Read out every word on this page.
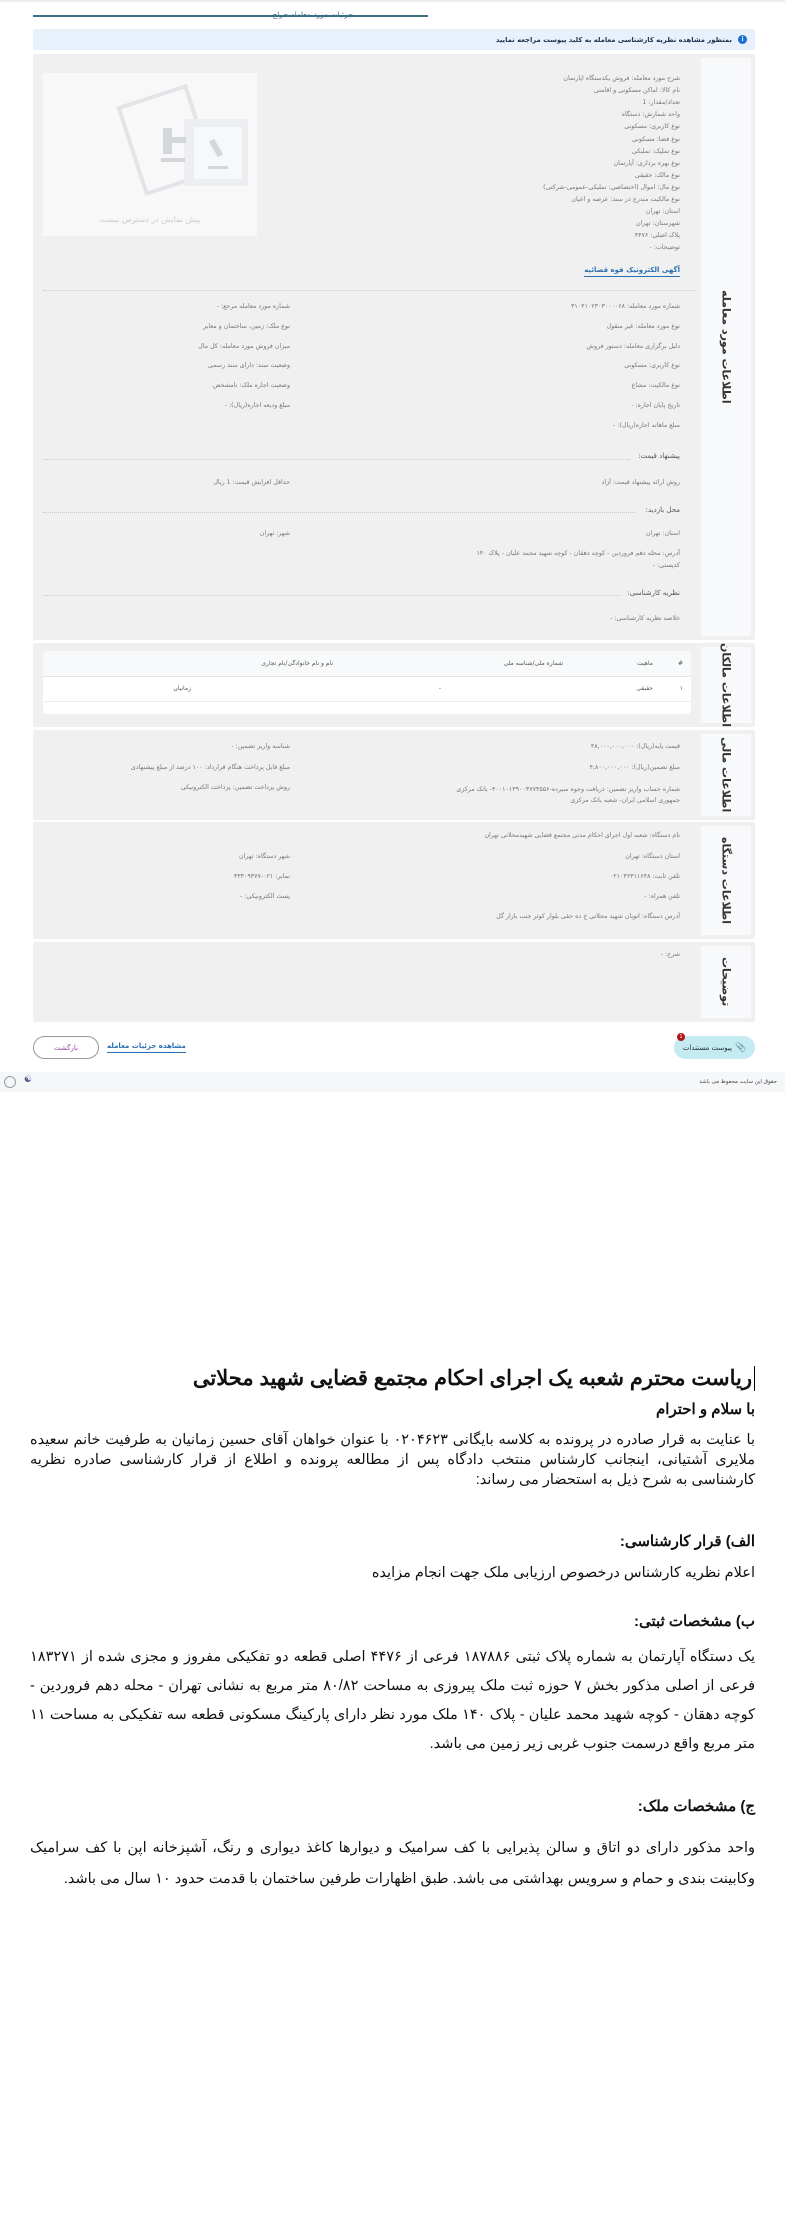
i
بمنظور مشاهده نظریه کارشناسی معامله به کلید پیوست مراجعه نمایید
اطلاعات مورد معامله
پیش نمایش در دسترس نیست
شرح مورد معامله: فروش یکدستگاه اپارتمان
نام کالا: اماکن مسکونی و اقامتی
تعداد/مقدار: 1
واحد شمارش: دستگاه
نوع کاربری: مسکونی
نوع فضا: مسکونی
نوع تملیک: تملیکی
نوع بهره برداری: آپارتمان
نوع مالک: حقیقی
نوع مال: اموال (اختصاصی: تملیکی-عمومی-شرکتی)
نوع مالکیت مندرج در سند: عرصه و اعیان
استان: تهران
شهرستان: تهران
پلاک اصلی: ۴۴۷۶
توضیحات: -
آگهی الکترونیک قوه قضائیه
شماره مورد معامله: ۳۱۰۴۱۰۲۳۰۳۰۰۰۰۶۸
نوع مورد معامله: غیر منقول
دلیل برگزاری معامله: دستور فروش
نوع کاربری: مسکونی
نوع مالکیت: مشاع
تاریخ پایان اجاره: -
مبلغ ماهانه اجاره(ریال): -
شماره مورد معامله مرجع: -
نوع ملک: زمین، ساختمان و معابر
میزان فروش مورد معامله: کل مال
وضعیت سند: دارای سند رسمی
وضعیت اجاره ملک: نامشخص
مبلغ ودیعه اجاره(ریال): -
پیشنهاد قیمت:
روش ارائه پیشنهاد قیمت: آزاد
حداقل افزایش قیمت: 1 ریال
محل بازدید:
استان: تهران
شهر: تهران
آدرس: محله دهم فروردین - کوچه دهقان - کوچه شهید محمد علیان - پلاک ۱۴۰
کدپستی: -
نظریه کارشناسی:
خلاصه نظریه کارشناسی: -
اطلاعات مالکان
#	ماهیت	شماره ملی/شناسه ملی	نام و نام خانوادگی/نام تجاری
۱	حقیقی	-	زمانیان
اطلاعات مالی
قیمت پایه(ریال): ۴۸,۰۰۰,۰۰۰,۰۰۰
مبلغ تضمین(ریال): ۴,۸۰۰,۰۰۰,۰۰۰
شماره حساب واریز تضمین: دریافت وجوه سپرده-۴۰۰۱۰۱۳۹۰۰۳۷۷۳۵۵۶- بانک مرکزی جمهوری اسلامی ایران- شعبه بانک مرکزی
شناسه واریز تضمین: -
مبلغ قابل پرداخت هنگام قرارداد: ۱۰۰ درصد از مبلغ پیشنهادی
روش پرداخت تضمین: پرداخت الکترونیکی
اطلاعات دستگاه
نام دستگاه: شعبه اول اجرای احکام مدنی مجتمع قضایی شهیدمحلاتی تهران
استان دستگاه: تهران
تلفن ثابت: ۰۲۱۰۳۶۳۱۱۶۴۸
تلفن همراه: -
آدرس دستگاه: اتوبان شهید محلاتی خ ده حقی بلوار کوثر جنب بازار گل
شهر دستگاه: تهران
نمابر: ۰۲۱-۳۳۳۰۹۳۷۷
پست الکترونیکی: -
توضیحات
شرح: -
📎
پیوست مستندات
1
مشاهده جزئیات معامله
بازگشت
حقوق این سایت محفوظ می باشد
☯
ریاست محترم شعبه یک اجرای احکام مجتمع قضایی شهید محلاتی
با سلام و احترام
با عنایت به قرار صادره در پرونده به کلاسه بایگانی ۰۲۰۴۶۲۳ با عنوان خواهان آقای حسین زمانیان به طرفیت خانم سعیده ملایری آشتیانی، اینجانب کارشناس منتخب دادگاه پس از مطالعه پرونده و اطلاع از قرار کارشناسی صادره نظریه کارشناسی به شرح ذیل به استحضار می رساند:
الف) قرار کارشناسی:
اعلام نظریه کارشناس درخصوص ارزیابی ملک جهت انجام مزایده
ب) مشخصات ثبتی:
یک دستگاه آپارتمان به شماره پلاک ثبتی ۱۸۷۸۸۶ فرعی از ۴۴۷۶ اصلی قطعه دو تفکیکی مفروز و مجزی شده از ۱۸۳۲۷۱ فرعی از اصلی مذکور بخش ۷ حوزه ثبت ملک پیروزی به مساحت ۸۰/۸۲ متر مربع به نشانی تهران - محله دهم فروردین - کوچه دهقان - کوچه شهید محمد علیان - پلاک ۱۴۰ ملک مورد نظر دارای پارکینگ مسکونی قطعه سه تفکیکی به مساحت ۱۱ متر مربع واقع درسمت جنوب غربی زیر زمین می باشد.
ج) مشخصات ملک:
واحد مذکور دارای دو اتاق و سالن پذیرایی با کف سرامیک و دیوارها کاغذ دیواری و رنگ، آشپزخانه اپن با کف سرامیک وکابینت بندی و حمام و سرویس بهداشتی می باشد. طبق اظهارات طرفین ساختمان با قدمت حدود ۱۰ سال می باشد.
